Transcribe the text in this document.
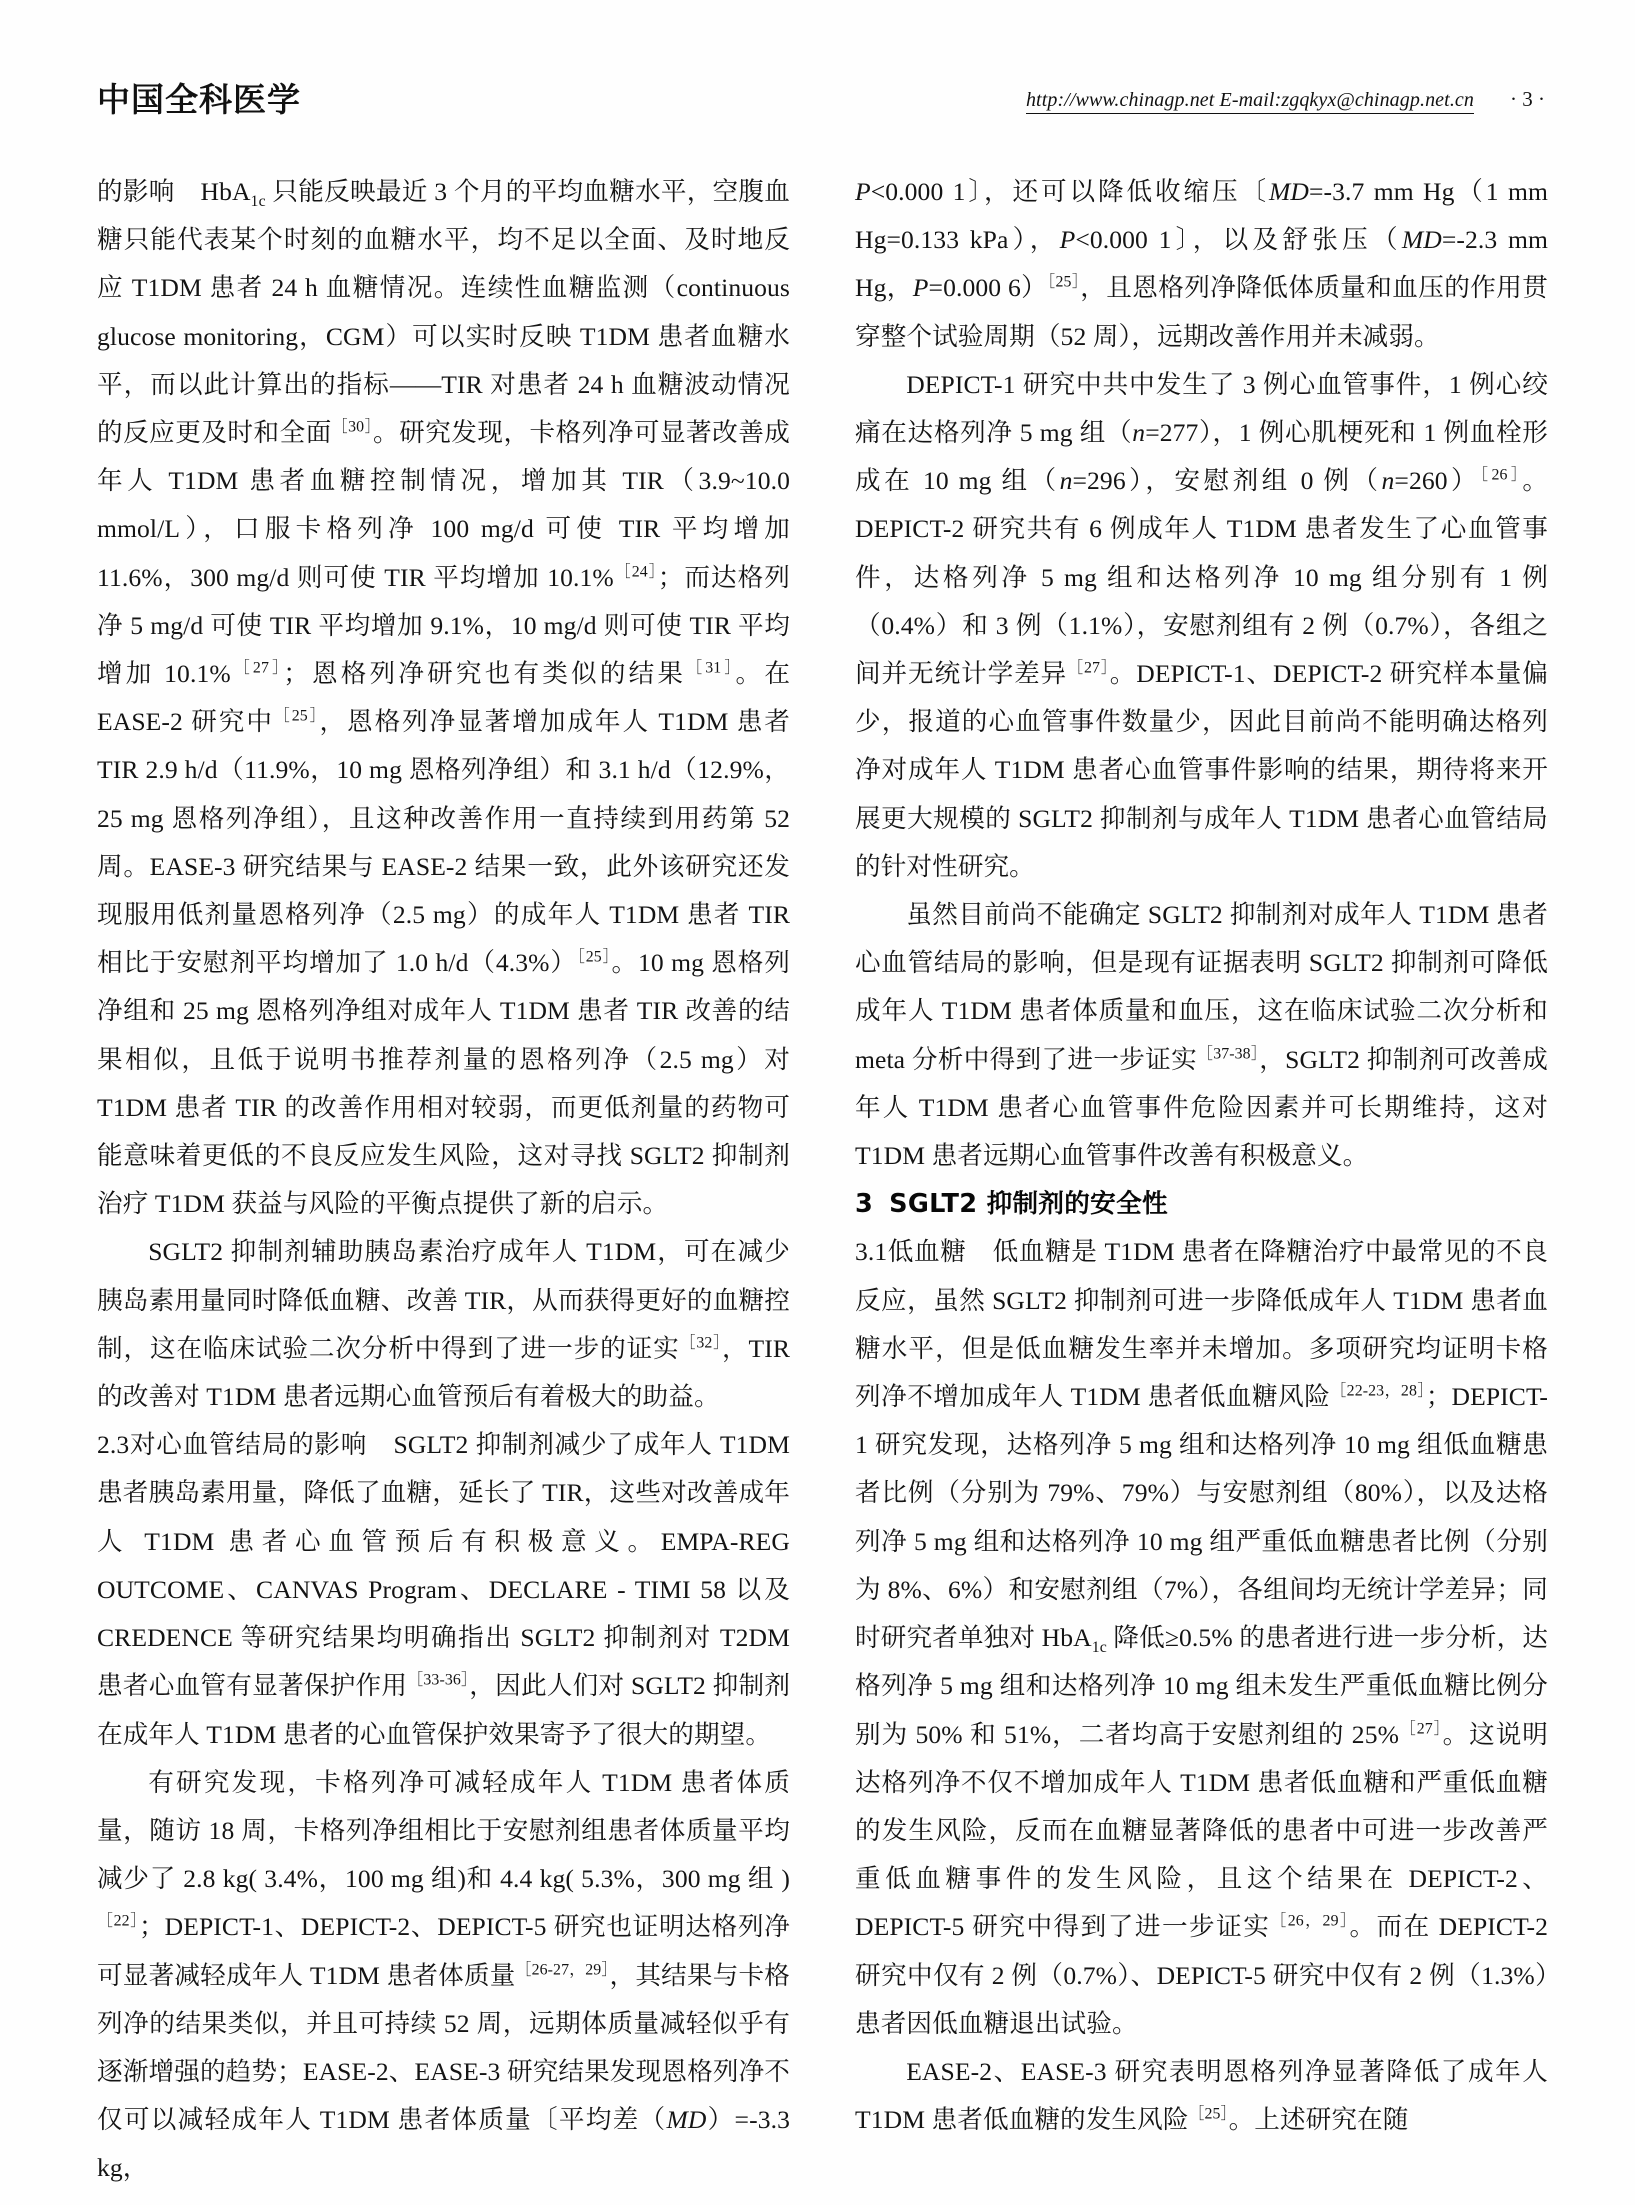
中国全科医学	http://www.chinagp.net E-mail:zgqkyx@chinagp.net.cn · 3 ·

的影响　HbA$_{1c}$ 只能反映最近 3 个月的平均血糖水平，空腹血糖只能代表某个时刻的血糖水平，均不足以全面、及时地反应 T1DM 患者 24 h 血糖情况。连续性血糖监测（continuous glucose monitoring，CGM）可以实时反映 T1DM 患者血糖水平，而以此计算出的指标——TIR 对患者 24 h 血糖波动情况的反应更及时和全面$^{[30]}$。研究发现，卡格列净可显著改善成年人 T1DM 患者血糖控制情况，增加其 TIR（3.9~10.0 mmol/L），口服卡格列净 100 mg/d 可使 TIR 平均增加 11.6%，300 mg/d 则可使 TIR 平均增加 10.1%$^{[24]}$；而达格列净 5 mg/d 可使 TIR 平均增加 9.1%，10 mg/d 则可使 TIR 平均增加 10.1%$^{[27]}$；恩格列净研究也有类似的结果$^{[31]}$。在 EASE-2 研究中$^{[25]}$，恩格列净显著增加成年人 T1DM 患者 TIR 2.9 h/d（11.9%，10 mg 恩格列净组）和 3.1 h/d（12.9%，25 mg 恩格列净组），且这种改善作用一直持续到用药第 52 周。EASE-3 研究结果与 EASE-2 结果一致，此外该研究还发现服用低剂量恩格列净（2.5 mg）的成年人 T1DM 患者 TIR 相比于安慰剂平均增加了 1.0 $h/d(4.3\%)^{[25]}$。10 mg 恩格列净组和 25 mg 恩格列净组对成年人 T1DM 患者 TIR 改善的结果相似，且低于说明书推荐剂量的恩格列净（2.5 mg）对 T1DM 患者 TIR 的改善作用相对较弱，而更低剂量的药物可能意味着更低的不良反应发生风险，这对寻找 SGLT2 抑制剂治疗 T1DM 获益与风险的平衡点提供了新的启示。

SGLT2 抑制剂辅助胰岛素治疗成年人 T1DM，可在减少胰岛素用量同时降低血糖、改善 TIR，从而获得更好的血糖控制，这在临床试验二次分析中得到了进一步的证实$^{[32]}$，TIR 的改善对 T1DM 患者远期心血管预后有着极大的助益。

2.3对心血管结局的影响　SGLT2 抑制剂减少了成年人 T1DM 患者胰岛素用量，降低了血糖，延长了 TIR，这些对改善成年人 T1DM 患者心血管预后有积极意义。EMPA-REG OUTCOME、CANVAS Program、DECLARE - TIMI 58 以及 CREDENCE 等研究结果均明确指出 SGLT2 抑制剂对 T2DM 患者心血管有显著保护作用$^{[33-36]}$，因此人们对 SGLT2 抑制剂在成年人 T1DM 患者的心血管保护效果寄予了很大的期望。

有研究发现，卡格列净可减轻成年人 T1DM 患者体质量，随访 18 周，卡格列净组相比于安慰剂组患者体质量平均减少了 2.8 kg( 3.4%，100 mg 组)和 4.4 kg( 5.3%，300 mg 组 )$^{[22]}$；DEPICT-1、DEPICT-2、DEPICT-5 研究也证明达格列净可显著减轻成年人 T1DM 患者体质量$^{[26-27,29]}$，其结果与卡格列净的结果类似，并且可持续 52 周，远期体质量减轻似乎有逐渐增强的趋势；EASE-2、EASE-3 研究结果发现恩格列净不仅可以减轻成年人 T1DM 患者体质量〔平均差（MD）=-3.3 kg，

P<0.000 1〕，还可以降低收缩压〔MD=-3.7 mm Hg（1 mm Hg=0.133 kPa），P<0.000 1〕，以及舒张压（MD=-2.3 mm Hg，P=0.000 6）$^{[25]}$，且恩格列净降低体质量和血压的作用贯穿整个试验周期（52 周），远期改善作用并未减弱。

DEPICT-1 研究中共中发生了 3 例心血管事件，1 例心绞痛在达格列净 5 mg 组（n=277），1 例心肌梗死和 1 例血栓形成在 10 mg 组（n=296），安慰剂组 0 例（n=260）$^{[26]}$。DEPICT-2 研究共有 6 例成年人 T1DM 患者发生了心血管事件，达格列净 5 mg 组和达格列净 10 mg 组分别有 1 例（0.4%）和 3 例（1.1%），安慰剂组有 2 例（0.7%），各组之间并无统计学差异$^{[27]}$。DEPICT-1、DEPICT-2 研究样本量偏少，报道的心血管事件数量少，因此目前尚不能明确达格列净对成年人 T1DM 患者心血管事件影响的结果，期待将来开展更大规模的 SGLT2 抑制剂与成年人 T1DM 患者心血管结局的针对性研究。

虽然目前尚不能确定 SGLT2 抑制剂对成年人 T1DM 患者心血管结局的影响，但是现有证据表明 SGLT2 抑制剂可降低成年人 T1DM 患者体质量和血压，这在临床试验二次分析和 meta 分析中得到了进一步证实$^{[37-38]}$，SGLT2 抑制剂可改善成年人 T1DM 患者心血管事件危险因素并可长期维持，这对 T1DM 患者远期心血管事件改善有积极意义。

3 SGLT2 抑制剂的安全性

3.1低血糖　低血糖是 T1DM 患者在降糖治疗中最常见的不良反应，虽然 SGLT2 抑制剂可进一步降低成年人 T1DM 患者血糖水平，但是低血糖发生率并未增加。多项研究均证明卡格列净不增加成年人 T1DM 患者低血糖风险$^{[22-23,28]}$；DEPICT-1 研究发现，达格列净 5 mg 组和达格列净 10 mg 组低血糖患者比例（分别为 79%、79%）与安慰剂组（80%），以及达格列净 5 mg 组和达格列净 10 mg 组严重低血糖患者比例（分别为 8%、6%）和安慰剂组（7%），各组间均无统计学差异；同时研究者单独对 HbA$_{1c}$ 降低≥0.5% 的患者进行进一步分析，达格列净 5 mg 组和达格列净 10 mg 组未发生严重低血糖比例分别为 50% 和 51%，二者均高于安慰剂组的 25%$^{[27]}$。这说明达格列净不仅不增加成年人 T1DM 患者低血糖和严重低血糖的发生风险，反而在血糖显著降低的患者中可进一步改善严重低血糖事件的发生风险，且这个结果在 DEPICT-2、DEPICT-5 研究中得到了进一步证实$^{[26,29]}$。而在 DEPICT-2 研究中仅有 2 例（0.7%）、DEPICT-5 研究中仅有 2 例（1.3%）患者因低血糖退出试验。

EASE-2、EASE-3 研究表明恩格列净显著降低了成年人 T1DM 患者低血糖的发生风险$^{[25]}$。上述研究在随
